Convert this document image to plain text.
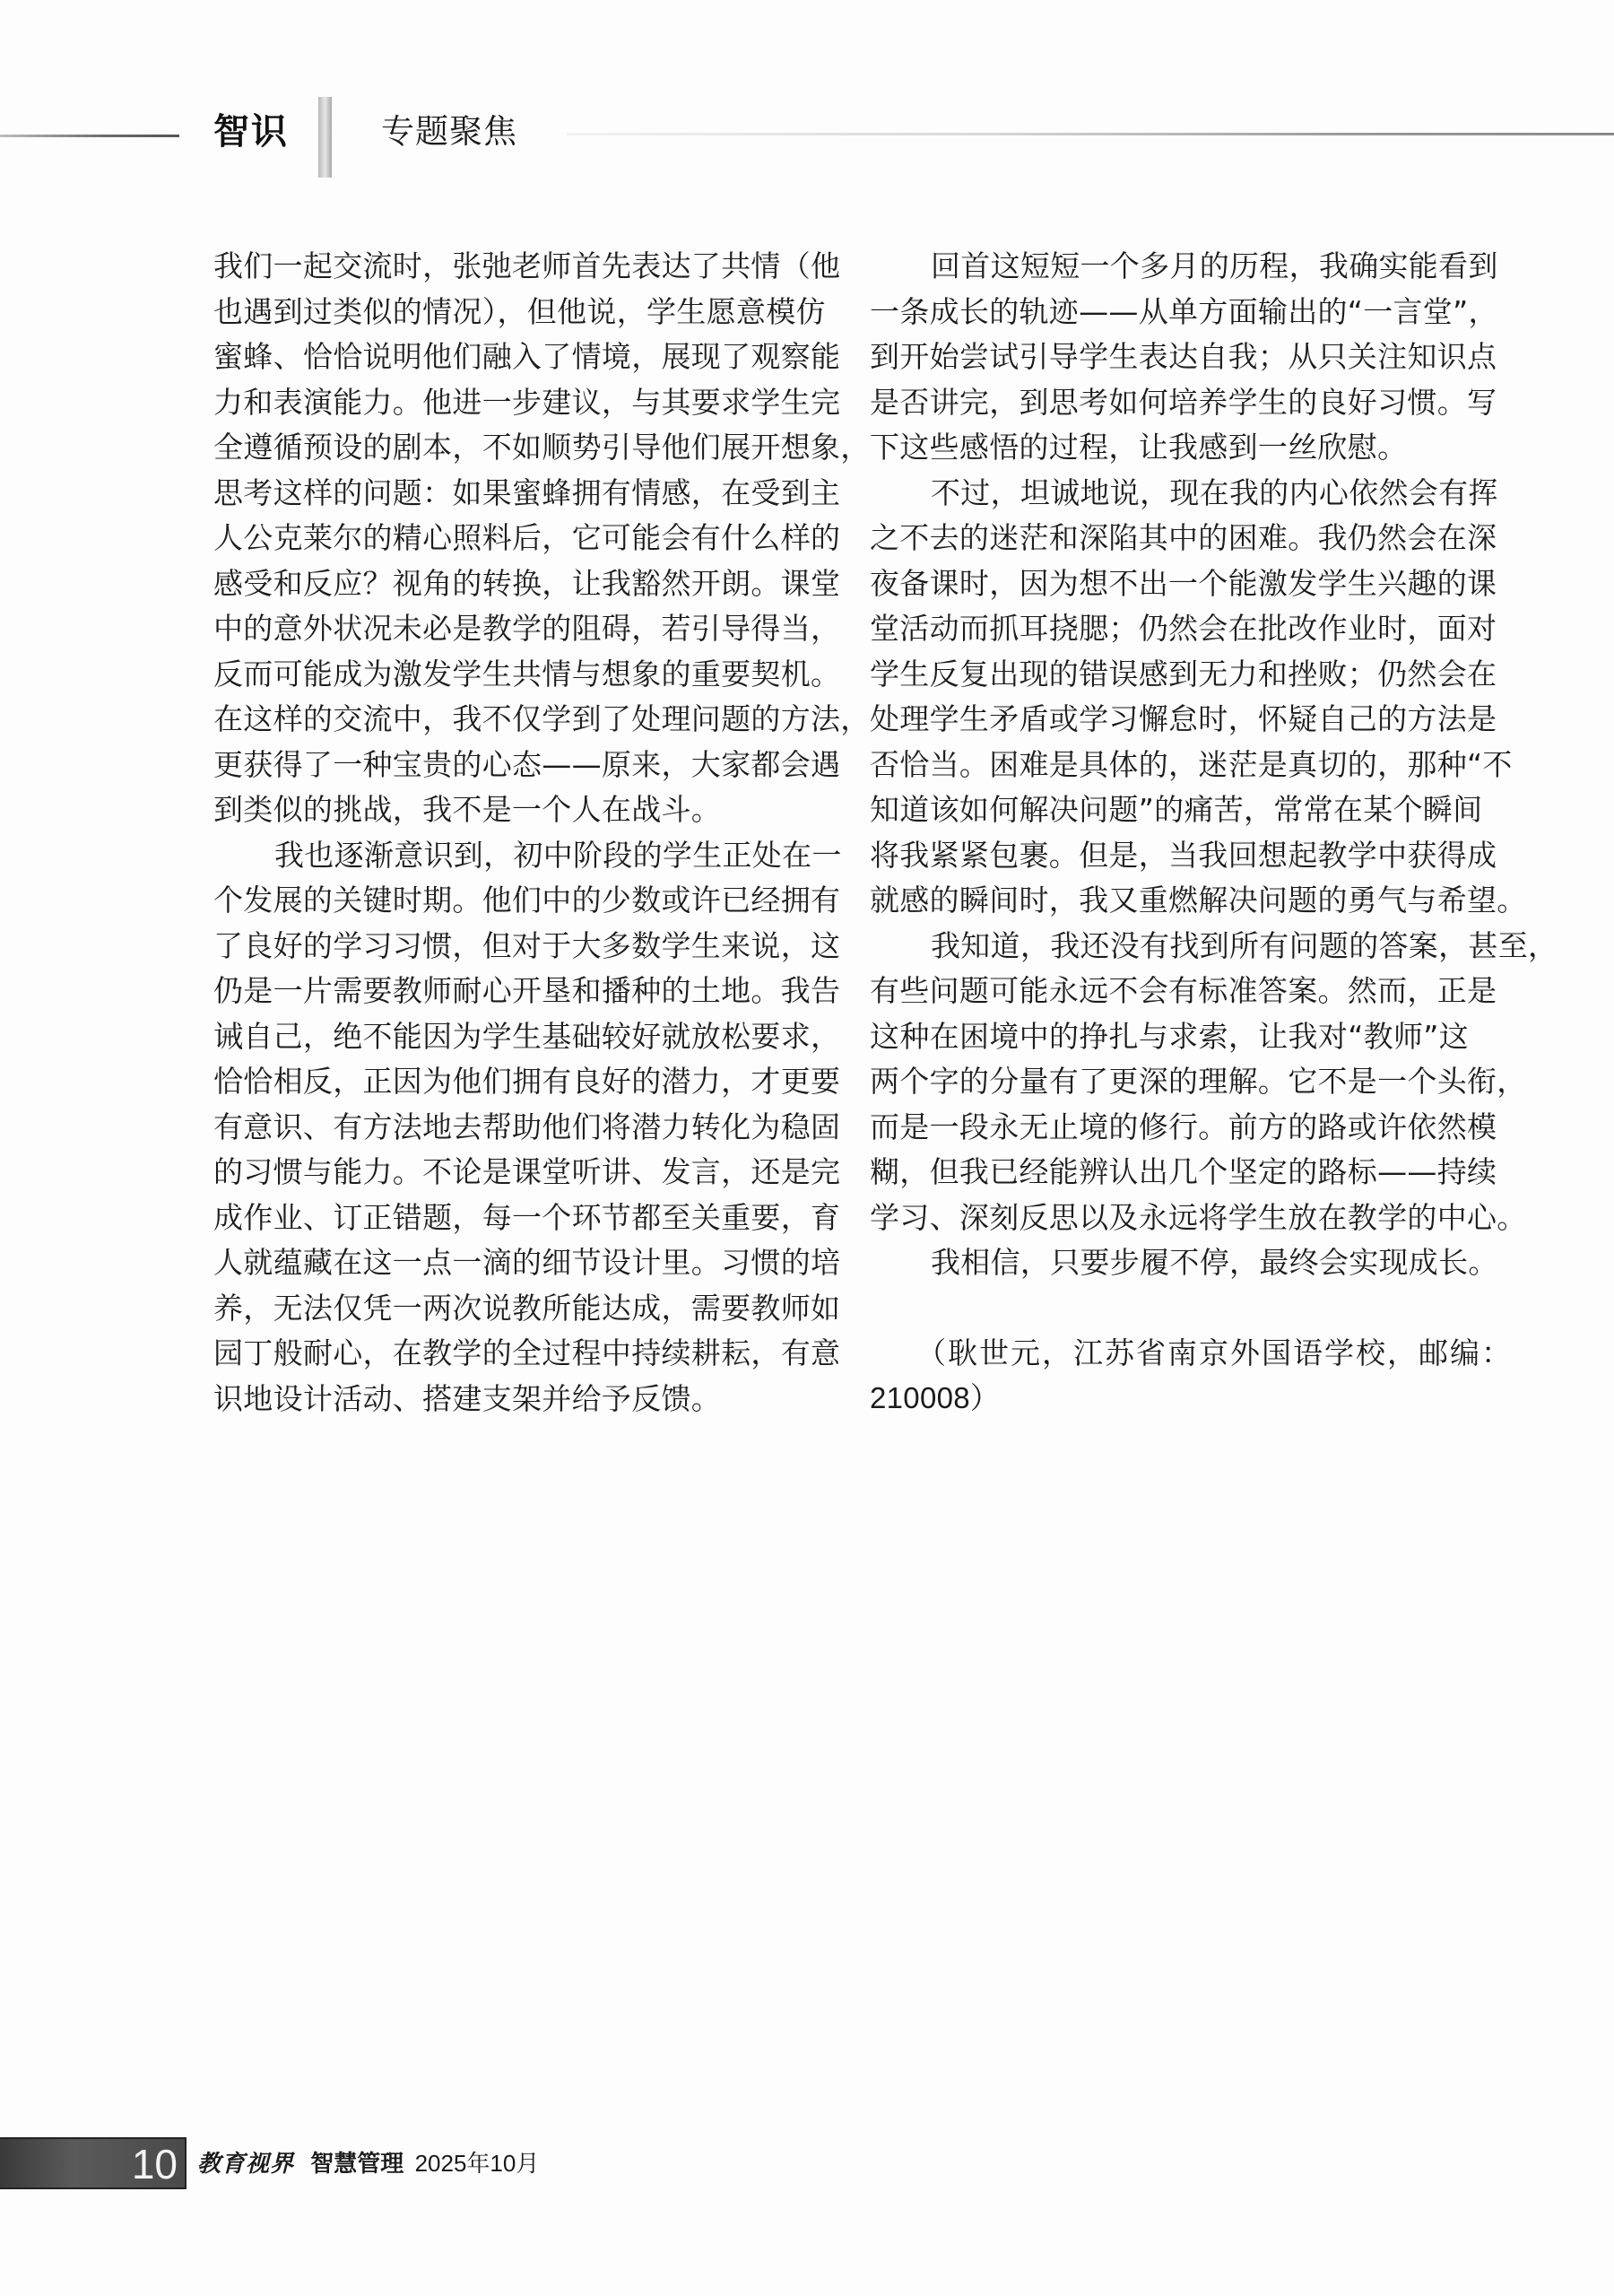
智识	专题聚焦
我们一起交流时，张弛老师首先表达了共情（他
也遇到过类似的情况），但他说，学生愿意模仿
蜜蜂、恰恰说明他们融入了情境，展现了观察能
力和表演能力。他进一步建议，与其要求学生完
全遵循预设的剧本，不如顺势引导他们展开想象，
思考这样的问题：如果蜜蜂拥有情感，在受到主
人公克莱尔的精心照料后，它可能会有什么样的
感受和反应？视角的转换，让我豁然开朗。课堂
中的意外状况未必是教学的阻碍，若引导得当，
反而可能成为激发学生共情与想象的重要契机。
在这样的交流中，我不仅学到了处理问题的方法，
更获得了一种宝贵的心态——原来，大家都会遇
到类似的挑战，我不是一个人在战斗。
我也逐渐意识到，初中阶段的学生正处在一
个发展的关键时期。他们中的少数或许已经拥有
了良好的学习习惯，但对于大多数学生来说，这
仍是一片需要教师耐心开垦和播种的土地。我告
诫自己，绝不能因为学生基础较好就放松要求，
恰恰相反，正因为他们拥有良好的潜力，才更要
有意识、有方法地去帮助他们将潜力转化为稳固
的习惯与能力。不论是课堂听讲、发言，还是完
成作业、订正错题，每一个环节都至关重要，育
人就蕴藏在这一点一滴的细节设计里。习惯的培
养，无法仅凭一两次说教所能达成，需要教师如
园丁般耐心，在教学的全过程中持续耕耘，有意
识地设计活动、搭建支架并给予反馈。
回首这短短一个多月的历程，我确实能看到
一条成长的轨迹——从单方面输出的“一言堂”，
到开始尝试引导学生表达自我；从只关注知识点
是否讲完，到思考如何培养学生的良好习惯。写
下这些感悟的过程，让我感到一丝欣慰。
不过，坦诚地说，现在我的内心依然会有挥
之不去的迷茫和深陷其中的困难。我仍然会在深
夜备课时，因为想不出一个能激发学生兴趣的课
堂活动而抓耳挠腮；仍然会在批改作业时，面对
学生反复出现的错误感到无力和挫败；仍然会在
处理学生矛盾或学习懈怠时，怀疑自己的方法是
否恰当。困难是具体的，迷茫是真切的，那种“不
知道该如何解决问题”的痛苦，常常在某个瞬间
将我紧紧包裹。但是，当我回想起教学中获得成
就感的瞬间时，我又重燃解决问题的勇气与希望。
我知道，我还没有找到所有问题的答案，甚至，
有些问题可能永远不会有标准答案。然而，正是
这种在困境中的挣扎与求索，让我对“教师”这
两个字的分量有了更深的理解。它不是一个头衔，
而是一段永无止境的修行。前方的路或许依然模
糊，但我已经能辨认出几个坚定的路标——持续
学习、深刻反思以及永远将学生放在教学的中心。
我相信，只要步履不停，最终会实现成长。
（耿世元，江苏省南京外国语学校，邮编：
210008）
10 教育视界 智慧管理 2025年10月
